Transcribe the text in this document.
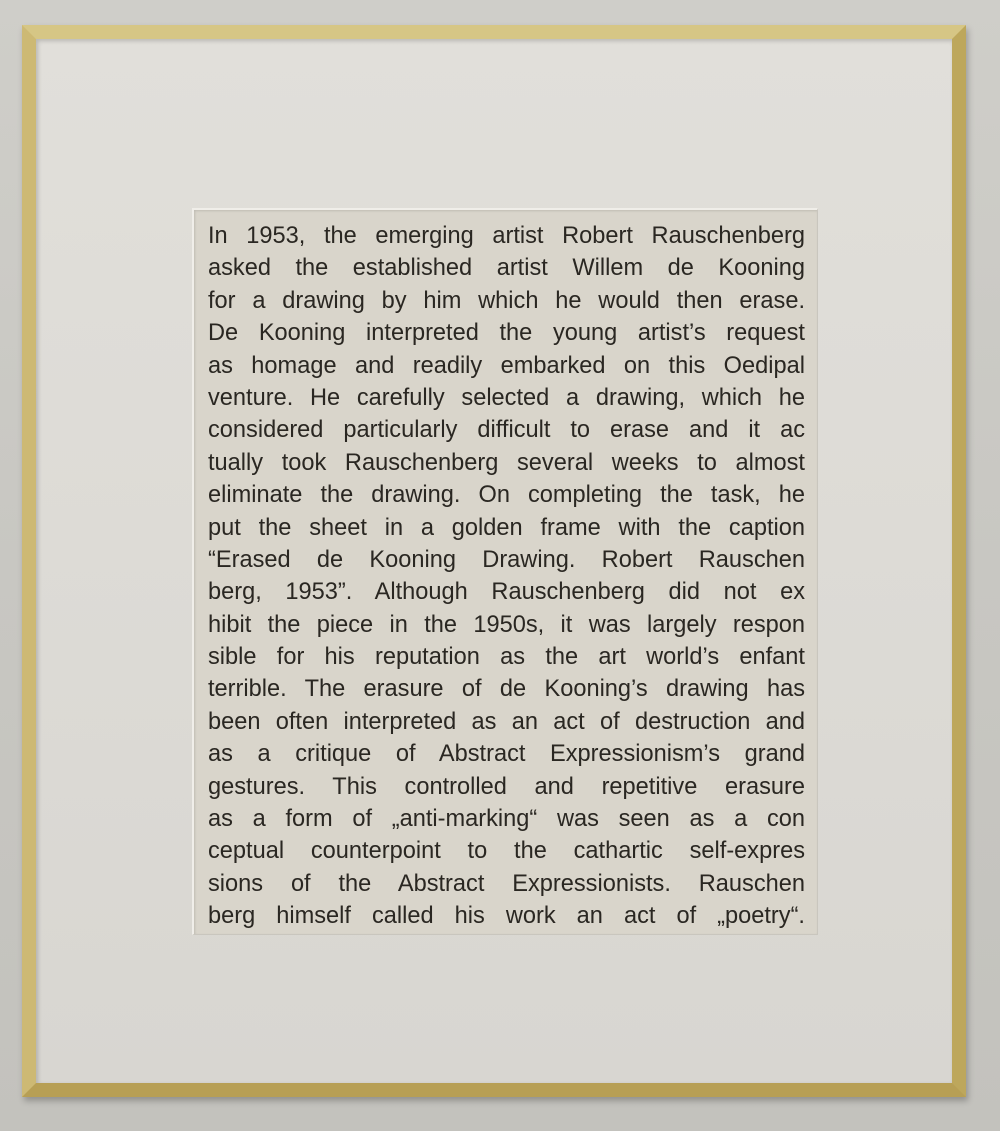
In 1953, the emerging artist Robert Rauschenberg
asked the established artist Willem de Kooning
for a drawing by him which he would then erase.
De Kooning interpreted the young artist’s request
as homage and readily embarked on this Oedipal
venture. He carefully selected a drawing, which he
considered particularly difficult to erase and it ac
tually took Rauschenberg several weeks to almost
eliminate the drawing. On completing the task, he
put the sheet in a golden frame with the caption
“Erased de Kooning Drawing. Robert Rauschen
berg, 1953”. Although Rauschenberg did not ex
hibit the piece in the 1950s, it was largely respon
sible for his reputation as the art world’s enfant
terrible. The erasure of de Kooning’s drawing has
been often interpreted as an act of destruction and
as a critique of Abstract Expressionism’s grand
gestures. This controlled and repetitive erasure
as a form of „anti-marking“ was seen as a con
ceptual counterpoint to the cathartic self-expres
sions of the Abstract Expressionists. Rauschen
berg himself called his work an act of „poetry“.
